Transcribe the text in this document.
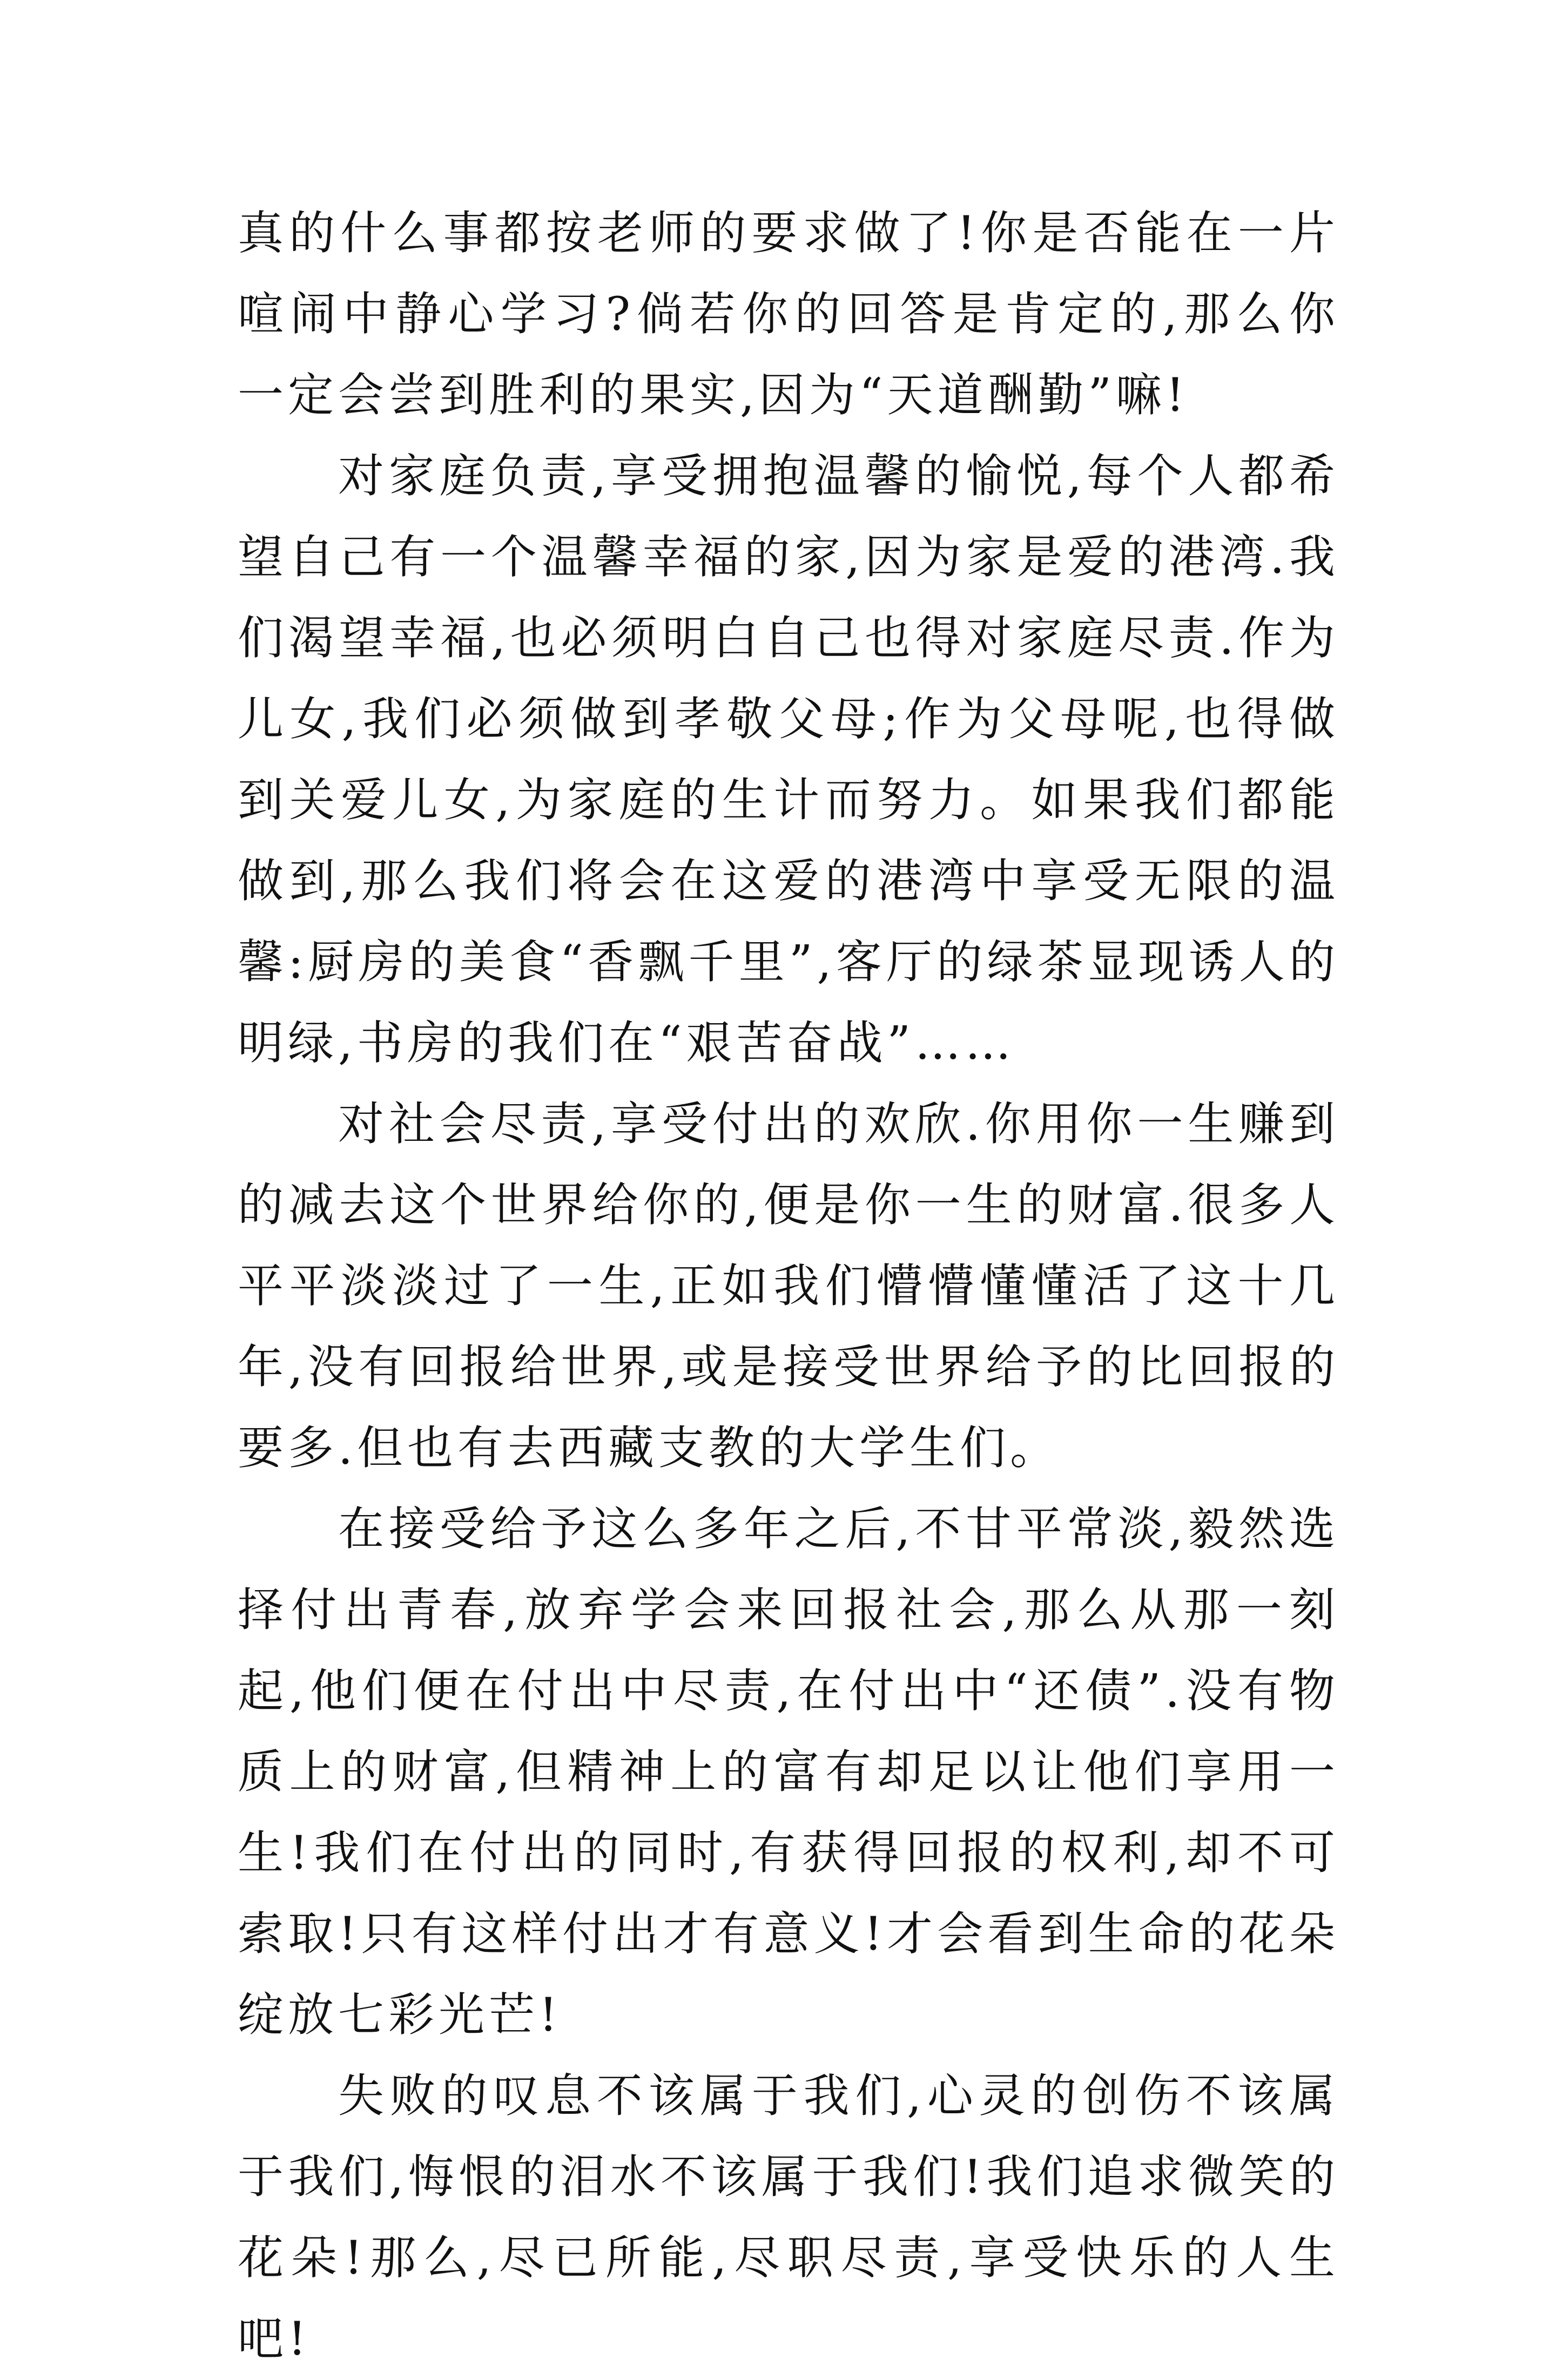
真的什么事都按老师的要求做了!你是否能在一片喧闹中静心学习?倘若你的回答是肯定的,那么你一定会尝到胜利的果实,因为“天道酬勤”嘛!

对家庭负责,享受拥抱温馨的愉悦,每个人都希望自己有一个温馨幸福的家,因为家是爱的港湾.我们渴望幸福,也必须明白自己也得对家庭尽责.作为儿女,我们必须做到孝敬父母;作为父母呢,也得做到关爱儿女,为家庭的生计而努力。如果我们都能做到,那么我们将会在这爱的港湾中享受无限的温馨:厨房的美食“香飘千里”,客厅的绿茶显现诱人的明绿,书房的我们在“艰苦奋战”……

对社会尽责,享受付出的欢欣.你用你一生赚到的减去这个世界给你的,便是你一生的财富.很多人平平淡淡过了一生,正如我们懵懵懂懂活了这十几年,没有回报给世界,或是接受世界给予的比回报的要多.但也有去西藏支教的大学生们。

在接受给予这么多年之后,不甘平常淡,毅然选择付出青春,放弃学会来回报社会,那么从那一刻起,他们便在付出中尽责,在付出中“还债”.没有物质上的财富,但精神上的富有却足以让他们享用一生!我们在付出的同时,有获得回报的权利,却不可索取!只有这样付出才有意义!才会看到生命的花朵绽放七彩光芒!

失败的叹息不该属于我们,心灵的创伤不该属于我们,悔恨的泪水不该属于我们!我们追求微笑的花朵!那么,尽已所能,尽职尽责,享受快乐的人生吧!
